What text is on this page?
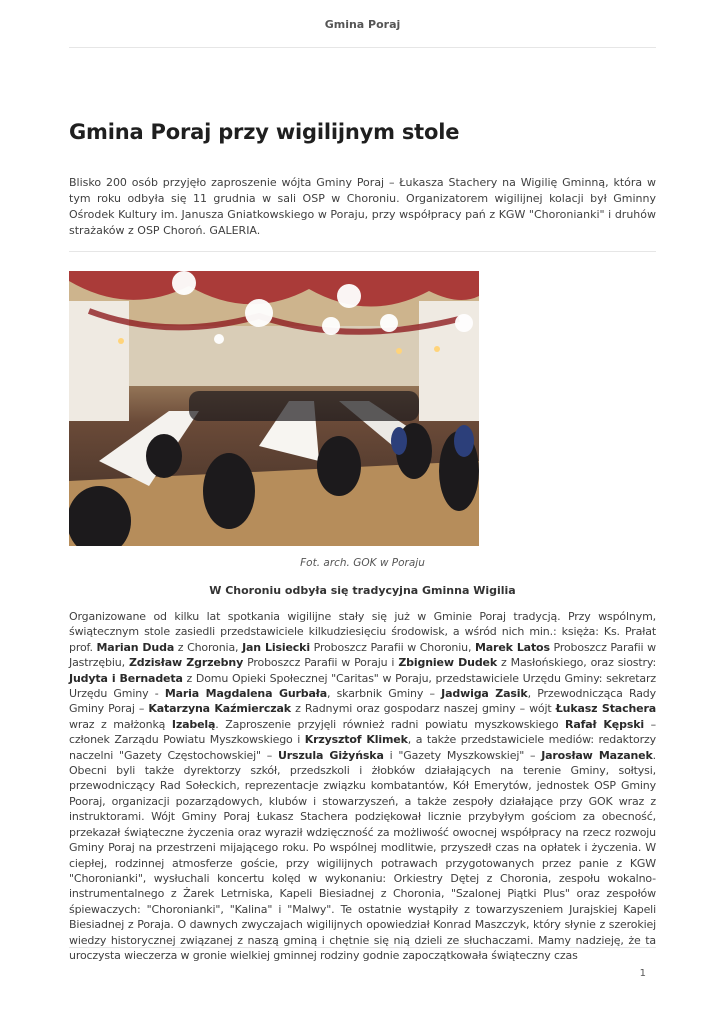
Gmina Poraj
Gmina Poraj przy wigilijnym stole

Blisko 200 osób przyjęło zaproszenie wójta Gminy Poraj – Łukasza Stachery na Wigilię Gminną, która w tym roku odbyła się 11 grudnia w sali OSP w Choroniu. Organizatorem wigilijnej kolacji był Gminny Ośrodek Kultury im. Janusza Gniatkowskiego w Poraju, przy współpracy pań z KGW "Choronianki" i druhów strażaków z OSP Choroń. GALERIA.

Fot. arch. GOK w Poraju

W Choroniu odbyła się tradycyjna Gminna Wigilia

Organizowane od kilku lat spotkania wigilijne stały się już w Gminie Poraj tradycją. Przy wspólnym, świątecznym stole zasiedli przedstawiciele kilkudziesięciu środowisk, a wśród nich min.: księża: Ks. Prałat prof. Marian Duda z Choronia, Jan Lisiecki Proboszcz Parafii w Choroniu, Marek Latos Proboszcz Parafii w Jastrzębiu, Zdzisław Zgrzebny Proboszcz Parafii w Poraju i Zbigniew Dudek z Masłońskiego, oraz siostry: Judyta i Bernadeta z Domu Opieki Społecznej "Caritas" w Poraju, przedstawiciele Urzędu Gminy: sekretarz Urzędu Gminy - Maria Magdalena Gurbała, skarbnik Gminy – Jadwiga Zasik, Przewodnicząca Rady Gminy Poraj – Katarzyna Kaźmierczak z Radnymi oraz gospodarz naszej gminy – wójt Łukasz Stachera wraz z małżonką Izabelą. Zaproszenie przyjęli również radni powiatu myszkowskiego Rafał Kępski – członek Zarządu Powiatu Myszkowskiego i Krzysztof Klimek, a także przedstawiciele mediów: redaktorzy naczelni "Gazety Częstochowskiej" – Urszula Giżyńska i "Gazety Myszkowskiej" – Jarosław Mazanek. Obecni byli także dyrektorzy szkół, przedszkoli i żłobków działających na terenie Gminy, sołtysi, przewodniczący Rad Sołeckich, reprezentacje związku kombatantów, Kół Emerytów, jednostek OSP Gminy Pooraj, organizacji pozarządowych, klubów i stowarzyszeń, a także zespoły działające przy GOK wraz z instruktorami. Wójt Gminy Poraj Łukasz Stachera podziękował licznie przybyłym gościom za obecność, przekazał świąteczne życzenia oraz wyraził wdzięczność za możliwość owocnej współpracy na rzecz rozwoju Gminy Poraj na przestrzeni mijającego roku. Po wspólnej modlitwie, przyszedł czas na opłatek i życzenia. W ciepłej, rodzinnej atmosferze goście, przy wigilijnych potrawach przygotowanych przez panie z KGW "Choronianki", wysłuchali koncertu kolęd w wykonaniu: Orkiestry Dętej z Choronia, zespołu wokalno-instrumentalnego z Żarek Letrniska, Kapeli Biesiadnej z Choronia, "Szalonej Piątki Plus" oraz zespołów śpiewaczych: "Choronianki", "Kalina" i "Malwy". Te ostatnie wystąpiły z towarzyszeniem Jurajskiej Kapeli Biesiadnej z Poraja. O dawnych zwyczajach wigilijnych opowiedział Konrad Maszczyk, który słynie z szerokiej wiedzy historycznej związanej z naszą gminą i chętnie się nią dzieli ze słuchaczami. Mamy nadzieję, że ta uroczysta wieczerza w gronie wielkiej gminnej rodziny godnie zapoczątkowała świąteczny czas

1
